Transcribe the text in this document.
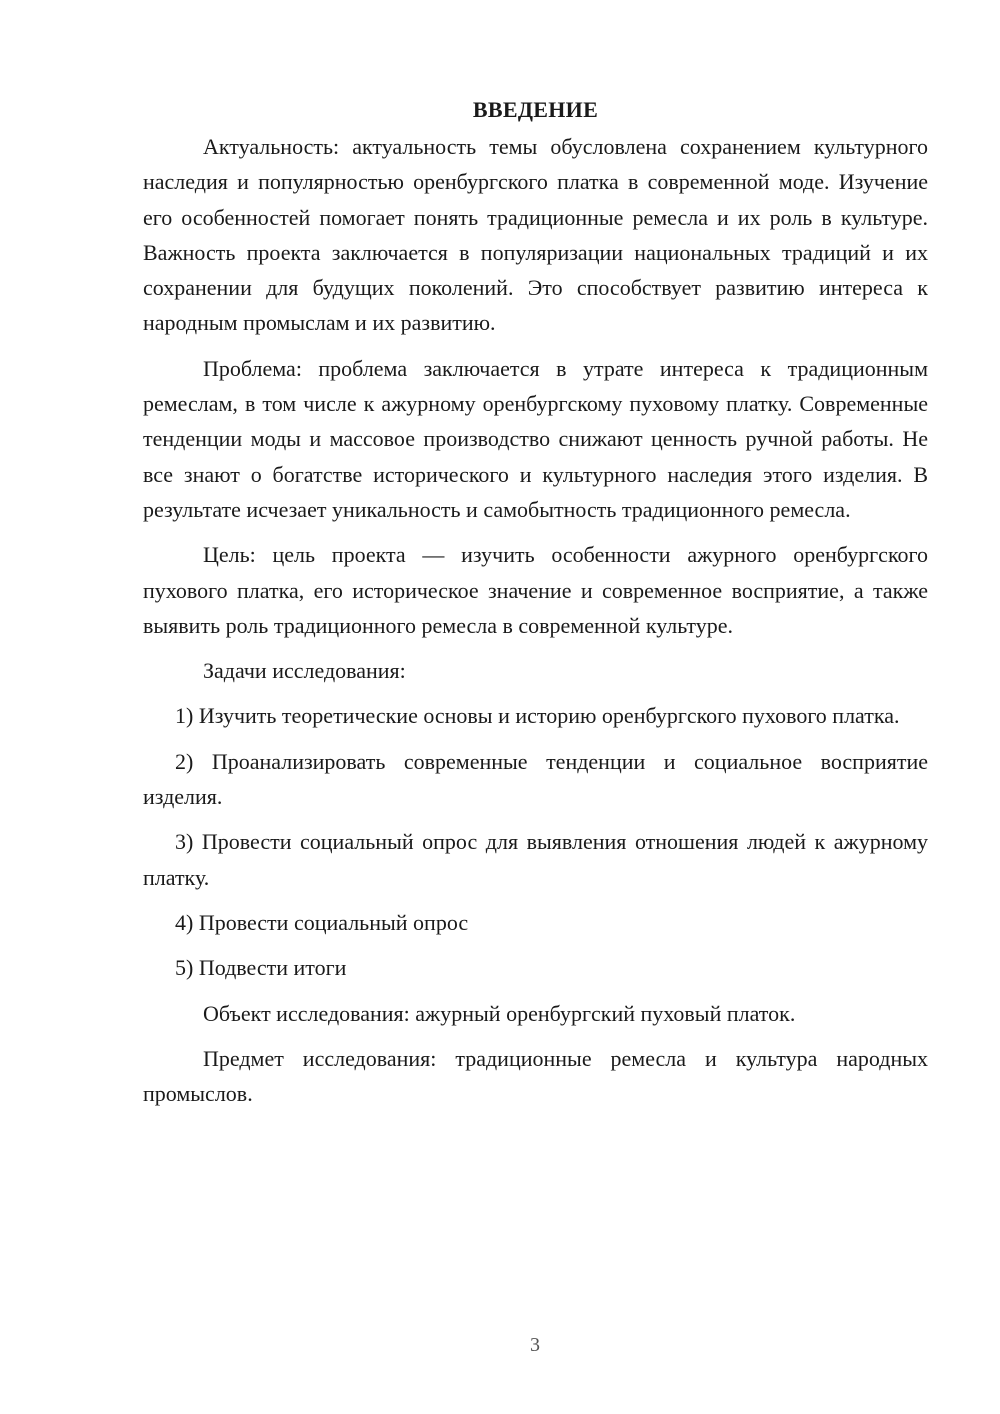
ВВЕДЕНИЕ

Актуальность: актуальность темы обусловлена сохранением культурного наследия и популярностью оренбургского платка в современной моде. Изучение его особенностей помогает понять традиционные ремесла и их роль в культуре. Важность проекта заключается в популяризации национальных традиций и их сохранении для будущих поколений. Это способствует развитию интереса к народным промыслам и их развитию.

Проблема: проблема заключается в утрате интереса к традиционным ремеслам, в том числе к ажурному оренбургскому пуховому платку. Современные тенденции моды и массовое производство снижают ценность ручной работы. Не все знают о богатстве исторического и культурного наследия этого изделия. В результате исчезает уникальность и самобытность традиционного ремесла.

Цель: цель проекта — изучить особенности ажурного оренбургского пухового платка, его историческое значение и современное восприятие, а также выявить роль традиционного ремесла в современной культуре.

Задачи исследования:

1) Изучить теоретические основы и историю оренбургского пухового платка.

2) Проанализировать современные тенденции и социальное восприятие изделия.

3) Провести социальный опрос для выявления отношения людей к ажурному платку.

4) Провести социальный опрос

5) Подвести итоги

Объект исследования: ажурный оренбургский пуховый платок.

Предмет исследования: традиционные ремесла и культура народных промыслов.

3
